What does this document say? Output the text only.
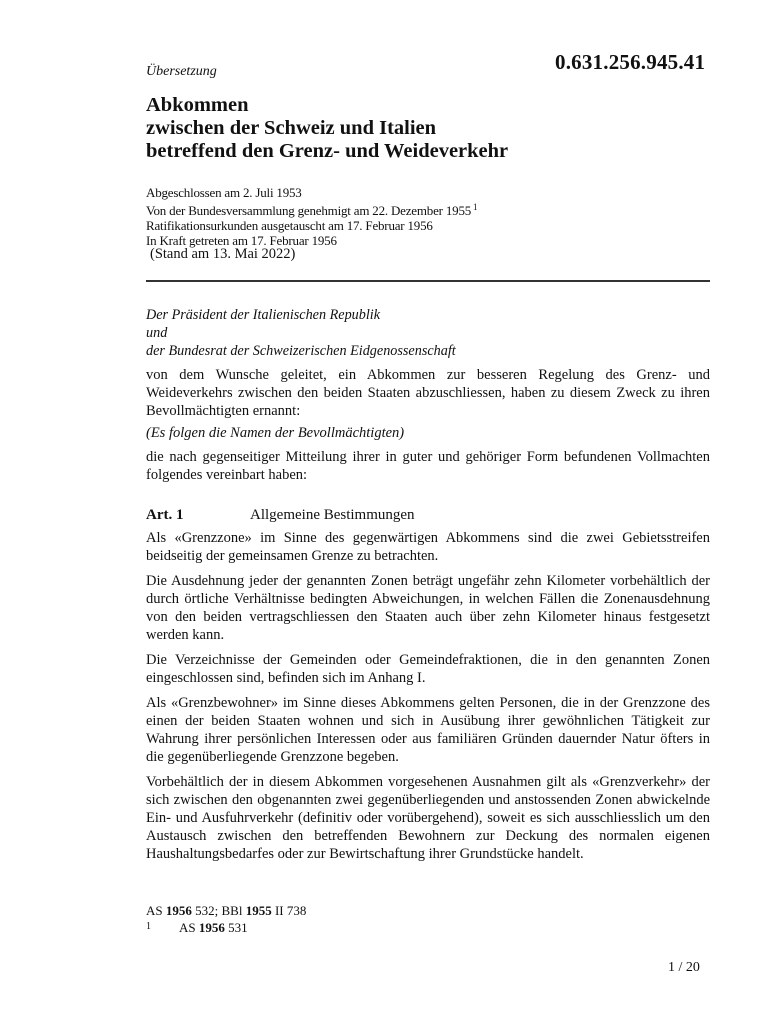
0.631.256.945.41
Übersetzung
Abkommen
zwischen der Schweiz und Italien
betreffend den Grenz- und Weideverkehr
Abgeschlossen am 2. Juli 1953
Von der Bundesversammlung genehmigt am 22. Dezember 1955 $^1$
Ratifikationsurkunden ausgetauscht am 17. Februar 1956
In Kraft getreten am 17. Februar 1956
(Stand am 13. Mai 2022)
Der Präsident der Italienischen Republik
und
der Bundesrat der Schweizerischen Eidgenossenschaft
von dem Wunsche geleitet, ein Abkommen zur besseren Regelung des Grenz- und Weideverkehrs zwischen den beiden Staaten abzuschliessen, haben zu diesem Zweck zu ihren Bevollmächtigten ernannt:
(Es folgen die Namen der Bevollmächtigten)
die nach gegenseitiger Mitteilung ihrer in guter und gehöriger Form befundenen Vollmachten folgendes vereinbart haben:
Art. 1	Allgemeine Bestimmungen

Als «Grenzzone» im Sinne des gegenwärtigen Abkommens sind die zwei Gebietsstreifen beidseitig der gemeinsamen Grenze zu betrachten.

Die Ausdehnung jeder der genannten Zonen beträgt ungefähr zehn Kilometer vorbehältlich der durch örtliche Verhältnisse bedingten Abweichungen, in welchen Fällen die Zonenausdehnung von den beiden vertragschliessen den Staaten auch über zehn Kilometer hinaus festgesetzt werden kann.

Die Verzeichnisse der Gemeinden oder Gemeindefraktionen, die in den genannten Zonen eingeschlossen sind, befinden sich im Anhang I.

Als «Grenzbewohner» im Sinne dieses Abkommens gelten Personen, die in der Grenzzone des einen der beiden Staaten wohnen und sich in Ausübung ihrer gewöhnlichen Tätigkeit zur Wahrung ihrer persönlichen Interessen oder aus familiären Gründen dauernder Natur öfters in die gegenüberliegende Grenzzone begeben.

Vorbehältlich der in diesem Abkommen vorgesehenen Ausnahmen gilt als «Grenzverkehr» der sich zwischen den obgenannten zwei gegenüberliegenden und anstossenden Zonen abwickelnde Ein- und Ausfuhrverkehr (definitiv oder vorübergehend), soweit es sich ausschliesslich um den Austausch zwischen den betreffenden Bewohnern zur Deckung des normalen eigenen Haushaltungsbedarfes oder zur Bewirtschaftung ihrer Grundstücke handelt.

AS 1956 532; BBl 1955 II 738
1 AS 1956 531
1 / 20
